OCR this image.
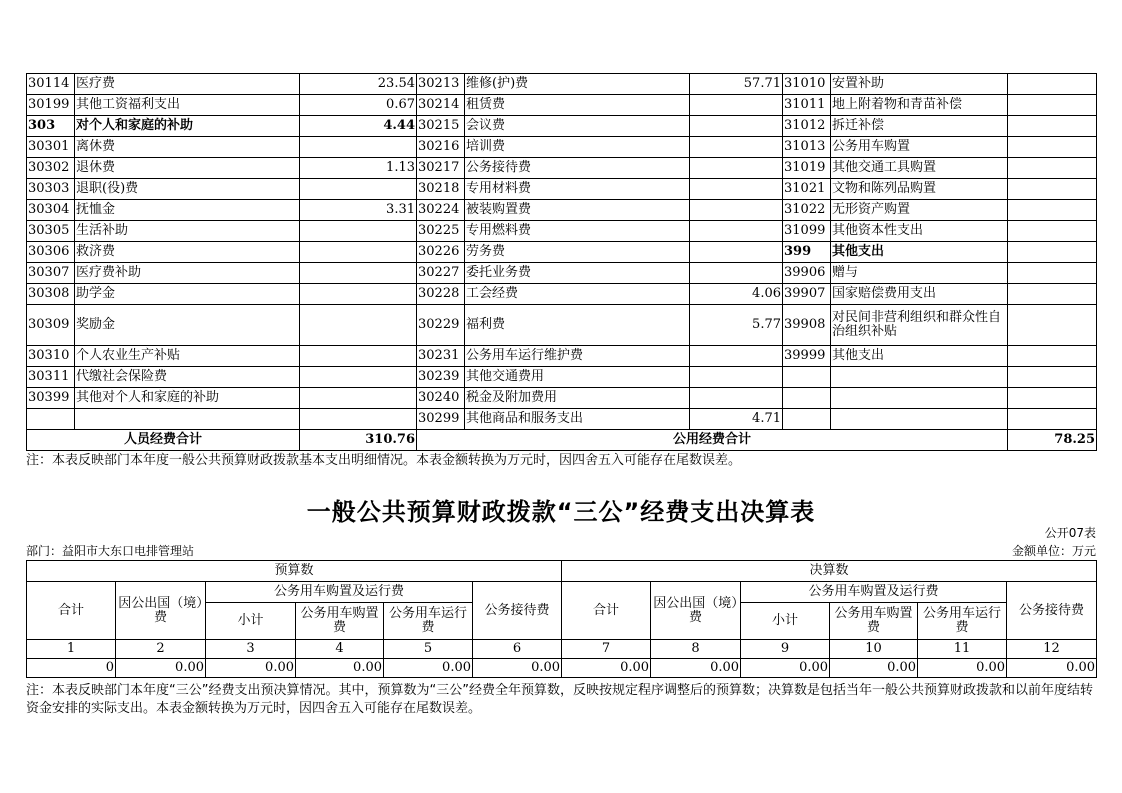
30114	医疗费	23.54	30213	维修(护)费	57.71	31010	安置补助	
30199	其他工资福利支出	0.67	30214	租赁费		31011	地上附着物和青苗补偿	
303	对个人和家庭的补助	4.44	30215	会议费		31012	拆迁补偿	
30301	离休费		30216	培训费		31013	公务用车购置	
30302	退休费	1.13	30217	公务接待费		31019	其他交通工具购置	
30303	退职(役)费		30218	专用材料费		31021	文物和陈列品购置	
30304	抚恤金	3.31	30224	被装购置费		31022	无形资产购置	
30305	生活补助		30225	专用燃料费		31099	其他资本性支出	
30306	救济费		30226	劳务费		399	其他支出	
30307	医疗费补助		30227	委托业务费		39906	赠与	
30308	助学金		30228	工会经费	4.06	39907	国家赔偿费用支出	
30309	奖励金		30229	福利费	5.77	39908	对民间非营利组织和群众性自治组织补贴	
30310	个人农业生产补贴		30231	公务用车运行维护费		39999	其他支出	
30311	代缴社会保险费		30239	其他交通费用				
30399	其他对个人和家庭的补助		30240	税金及附加费用				
			30299	其他商品和服务支出	4.71			
人员经费合计		310.76	公用经费合计					78.25
注：本表反映部门本年度一般公共预算财政拨款基本支出明细情况。本表金额转换为万元时，因四舍五入可能存在尾数误差。
一般公共预算财政拨款“三公”经费支出决算表
公开07表
部门：益阳市大东口电排管理站	金额单位：万元
预算数						决算数					
合计	因公出国（境）费	公务用车购置及运行费			公务接待费	合计	因公出国（境）费	公务用车购置及运行费			公务接待费
		小计	公务用车购置费	公务用车运行费				小计	公务用车购置费	公务用车运行费	
1	2	3	4	5	6	7	8	9	10	11	12
0	0.00	0.00	0.00	0.00	0.00	0.00	0.00	0.00	0.00	0.00	0.00
注：本表反映部门本年度“三公”经费支出预决算情况。其中，预算数为“三公”经费全年预算数，反映按规定程序调整后的预算数；决算数是包括当年一般公共预算财政拨款和以前年度结转资金安排的实际支出。本表金额转换为万元时，因四舍五入可能存在尾数误差。
